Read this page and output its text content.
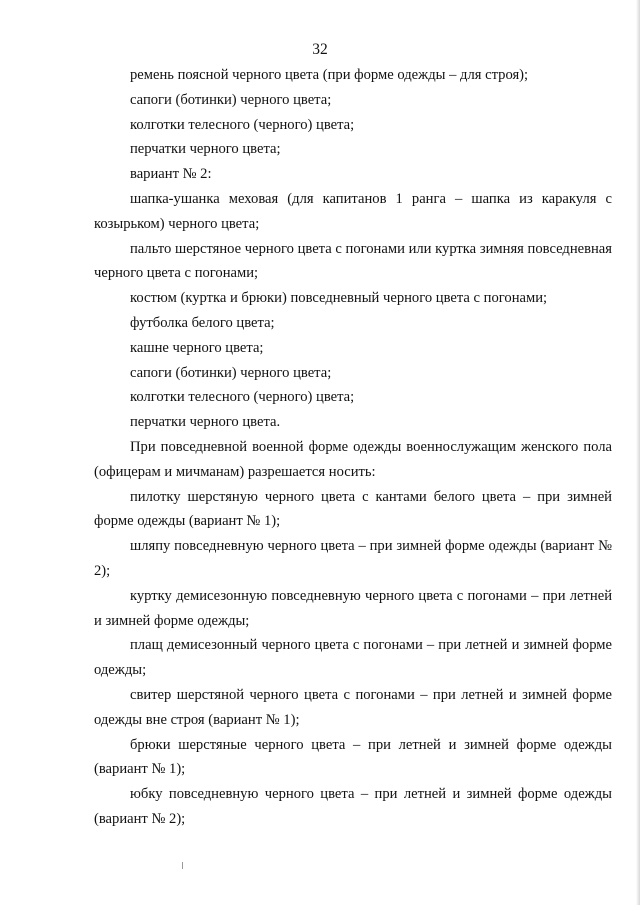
32

ремень поясной черного цвета (при форме одежды – для строя);

сапоги (ботинки) черного цвета;

колготки телесного (черного) цвета;

перчатки черного цвета;

вариант № 2:

шапка-ушанка меховая (для капитанов 1 ранга – шапка из каракуля с козырьком) черного цвета;

пальто шерстяное черного цвета с погонами или куртка зимняя повседневная черного цвета с погонами;

костюм (куртка и брюки) повседневный черного цвета с погонами;

футболка белого цвета;

кашне черного цвета;

сапоги (ботинки) черного цвета;

колготки телесного (черного) цвета;

перчатки черного цвета.

При повседневной военной форме одежды военнослужащим женского пола (офицерам и мичманам) разрешается носить:

пилотку шерстяную черного цвета с кантами белого цвета – при зимней форме одежды (вариант № 1);

шляпу повседневную черного цвета – при зимней форме одежды (вариант № 2);

куртку демисезонную повседневную черного цвета с погонами – при летней и зимней форме одежды;

плащ демисезонный черного цвета с погонами – при летней и зимней форме одежды;

свитер шерстяной черного цвета с погонами – при летней и зимней форме одежды вне строя (вариант № 1);

брюки шерстяные черного цвета – при летней и зимней форме одежды (вариант № 1);

юбку повседневную черного цвета – при летней и зимней форме одежды (вариант № 2);
